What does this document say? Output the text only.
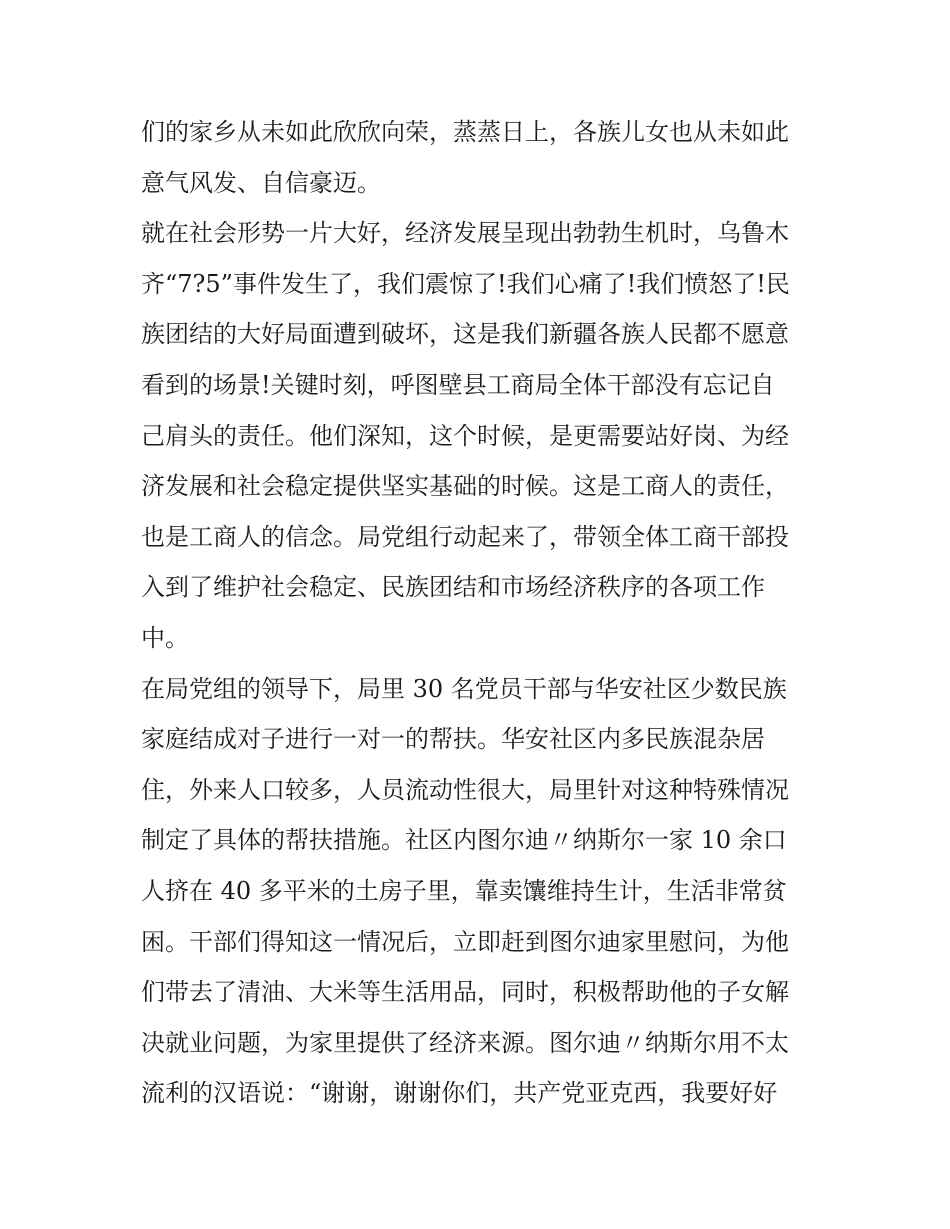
们的家乡从未如此欣欣向荣，蒸蒸日上，各族儿女也从未如此
意气风发、自信豪迈。
就在社会形势一片大好，经济发展呈现出勃勃生机时，乌鲁木
齐“7?5”事件发生了，我们震惊了!我们心痛了!我们愤怒了!民
族团结的大好局面遭到破坏，这是我们新疆各族人民都不愿意
看到的场景!关键时刻，呼图壁县工商局全体干部没有忘记自
己肩头的责任。他们深知，这个时候，是更需要站好岗、为经
济发展和社会稳定提供坚实基础的时候。这是工商人的责任，
也是工商人的信念。局党组行动起来了，带领全体工商干部投
入到了维护社会稳定、民族团结和市场经济秩序的各项工作
中。
在局党组的领导下，局里 30 名党员干部与华安社区少数民族
家庭结成对子进行一对一的帮扶。华安社区内多民族混杂居
住，外来人口较多，人员流动性很大，局里针对这种特殊情况
制定了具体的帮扶措施。社区内图尔迪〃纳斯尔一家 10 余口
人挤在 40 多平米的土房子里，靠卖馕维持生计，生活非常贫
困。干部们得知这一情况后，立即赶到图尔迪家里慰问，为他
们带去了清油、大米等生活用品，同时，积极帮助他的子女解
决就业问题，为家里提供了经济来源。图尔迪〃纳斯尔用不太
流利的汉语说：“谢谢，谢谢你们，共产党亚克西，我要好好
